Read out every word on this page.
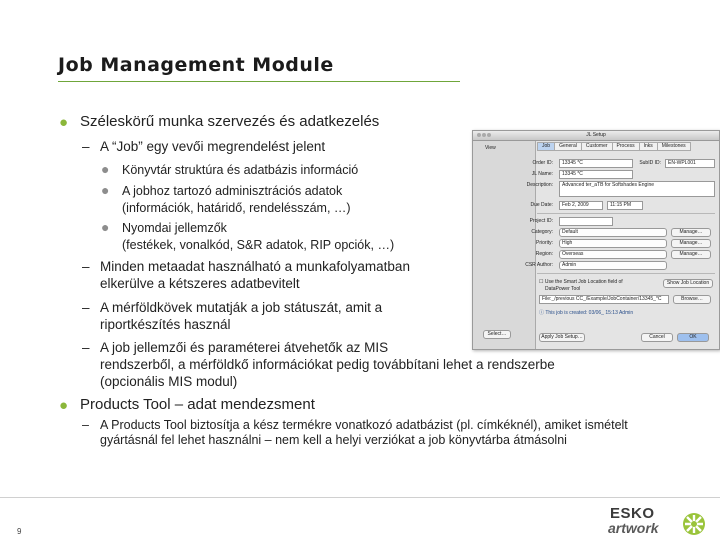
Job Management Module
● Széleskörű munka szervezés és adatkezelés
– A “Job” egy vevői megrendelést jelent
● Könyvtár struktúra és adatbázis információ
● A jobhoz tartozó adminisztrációs adatok
(információk, határidő, rendelésszám, …)
● Nyomdai jellemzők
(festékek, vonalkód, S&R adatok, RIP opciók, …)
– Minden metaadat használható a munkafolyamatban
elkerülve a kétszeres adatbevitelt
– A mérföldkövek mutatják a job státuszát, amit a
riportkészítés használ
– A job jellemzői és paraméterei átvehetők az MIS
rendszerből, a mérföldkő információkat pedig továbbítani lehet a rendszerbe
(opcionális MIS modul)
● Products Tool – adat mendezsment
– A Products Tool biztosítja a kész termékre vonatkozó adatbázist (pl. címkéknél), amiket ismételt
gyártásnál fel lehet használni – nem kell a helyi verziókat a job könyvtárba átmásolni
JL Setup
View
Select…
Job General Customer Process Inks Milestones
Order ID:	13345 *C	SubID ID:	EN-WPL001
JL Name:	13345 *C
Description:	Advanced ter_aTB for Softshades Engine
Due Date:	Feb 2, 2009	11:15 PM
Project ID:
Category:	Default	Manage…
Priority:	High	Manage…
Region:	Overseas	Manage…
CSR Author:	Admin
☐ Use the Smart Job Location field of
DataPower Tool
Show Job Location
File:_/previous CC_/Example/JobContainer/13345_*C	Browse…
ⓘ This job is created: 03/06_ 15:13 Admin
Apply Job Setup…	Cancel	OK
9
ESKO
artwork
